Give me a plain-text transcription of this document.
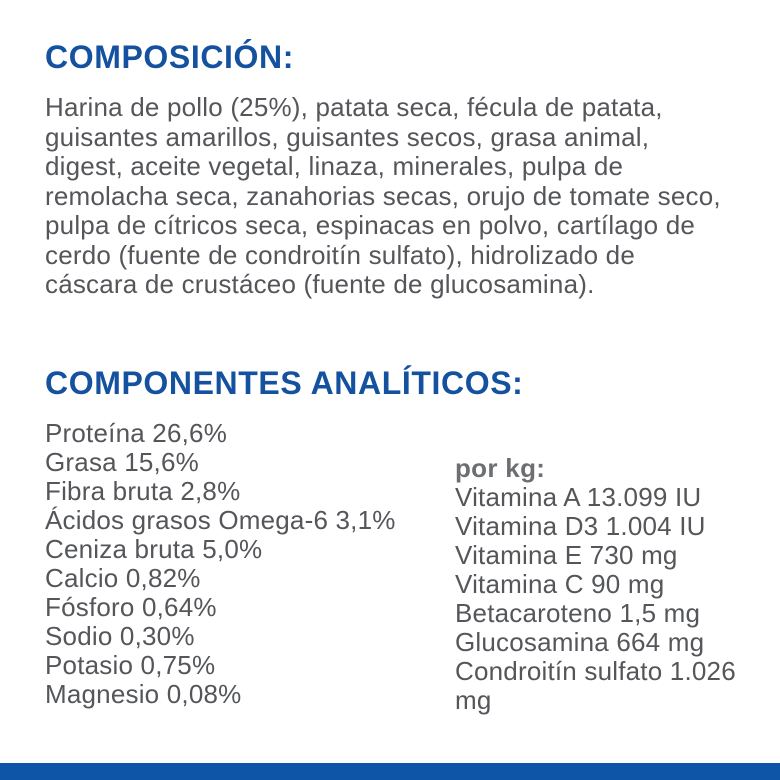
COMPOSICIÓN:

Harina de pollo (25%), patata seca, fécula de patata, guisantes amarillos, guisantes secos, grasa animal, digest, aceite vegetal, linaza, minerales, pulpa de remolacha seca, zanahorias secas, orujo de tomate seco, pulpa de cítricos seca, espinacas en polvo, cartílago de cerdo (fuente de condroitín sulfato), hidrolizado de cáscara de crustáceo (fuente de glucosamina).

COMPONENTES ANALÍTICOS:
Proteína 26,6%
Grasa 15,6%
Fibra bruta 2,8%
Ácidos grasos Omega-6 3,1%
Ceniza bruta 5,0%
Calcio 0,82%
Fósforo 0,64%
Sodio 0,30%
Potasio 0,75%
Magnesio 0,08%
por kg:
Vitamina A 13.099 IU
Vitamina D3 1.004 IU
Vitamina E 730 mg
Vitamina C 90 mg
Betacaroteno 1,5 mg
Glucosamina 664 mg
Condroitín sulfato 1.026 mg
